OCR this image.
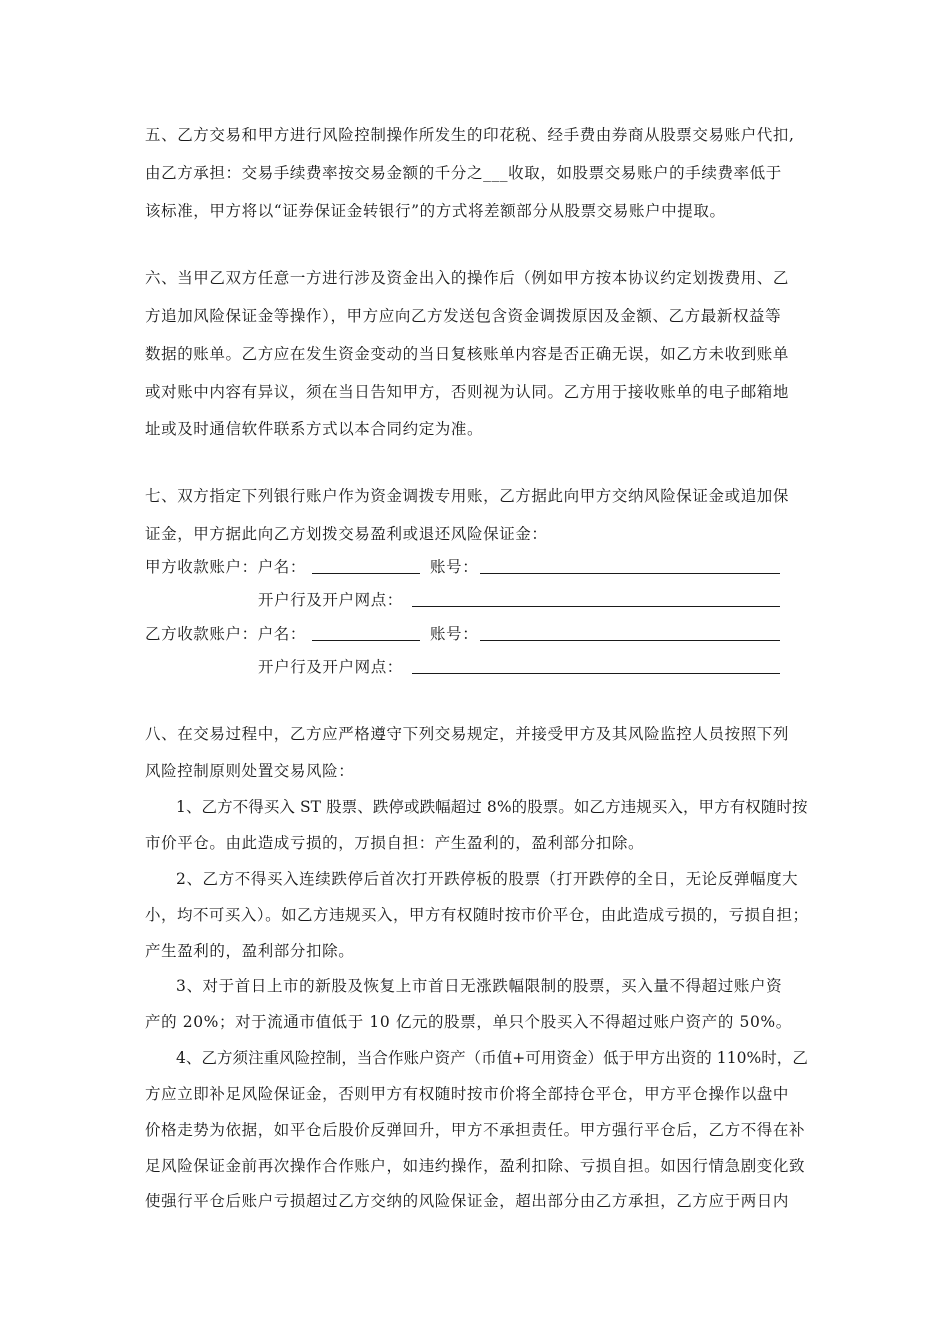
五、乙方交易和甲方进行风险控制操作所发生的印花税、经手费由券商从股票交易账户代扣,
由乙方承担：交易手续费率按交易金额的千分之___收取，如股票交易账户的手续费率低于
该标准，甲方将以“证券保证金转银行”的方式将差额部分从股票交易账户中提取。
六、当甲乙双方任意一方进行涉及资金出入的操作后（例如甲方按本协议约定划拨费用、乙
方追加风险保证金等操作），甲方应向乙方发送包含资金调拨原因及金额、乙方最新权益等
数据的账单。乙方应在发生资金变动的当日复核账单内容是否正确无误，如乙方未收到账单
或对账中内容有异议，须在当日告知甲方，否则视为认同。乙方用于接收账单的电子邮箱地
址或及时通信软件联系方式以本合同约定为准。
七、双方指定下列银行账户作为资金调拨专用账，乙方据此向甲方交纳风险保证金或追加保
证金，甲方据此向乙方划拨交易盈利或退还风险保证金：
甲方收款账户：户名：	账号：
开户行及开户网点：
乙方收款账户：户名：	账号：
开户行及开户网点：
八、在交易过程中，乙方应严格遵守下列交易规定，并接受甲方及其风险监控人员按照下列
风险控制原则处置交易风险：
1、乙方不得买入 ST 股票、跌停或跌幅超过 8%的股票。如乙方违规买入，甲方有权随时按
市价平仓。由此造成亏损的，万损自担：产生盈利的，盈利部分扣除。
2、乙方不得买入连续跌停后首次打开跌停板的股票（打开跌停的全日，无论反弹幅度大
小，均不可买入）。如乙方违规买入，甲方有权随时按市价平仓，由此造成亏损的，亏损自担；
产生盈利的，盈利部分扣除。
3、对于首日上市的新股及恢复上市首日无涨跌幅限制的股票，买入量不得超过账户资
产的 20%；对于流通市值低于 10 亿元的股票，单只个股买入不得超过账户资产的 50%。
4、乙方须注重风险控制，当合作账户资产（币值+可用资金）低于甲方出资的 110%时，乙
方应立即补足风险保证金，否则甲方有权随时按市价将全部持仓平仓，甲方平仓操作以盘中
价格走势为依据，如平仓后股价反弹回升，甲方不承担责任。甲方强行平仓后，乙方不得在补
足风险保证金前再次操作合作账户，如违约操作，盈利扣除、亏损自担。如因行情急剧变化致
使强行平仓后账户亏损超过乙方交纳的风险保证金，超出部分由乙方承担，乙方应于两日内
